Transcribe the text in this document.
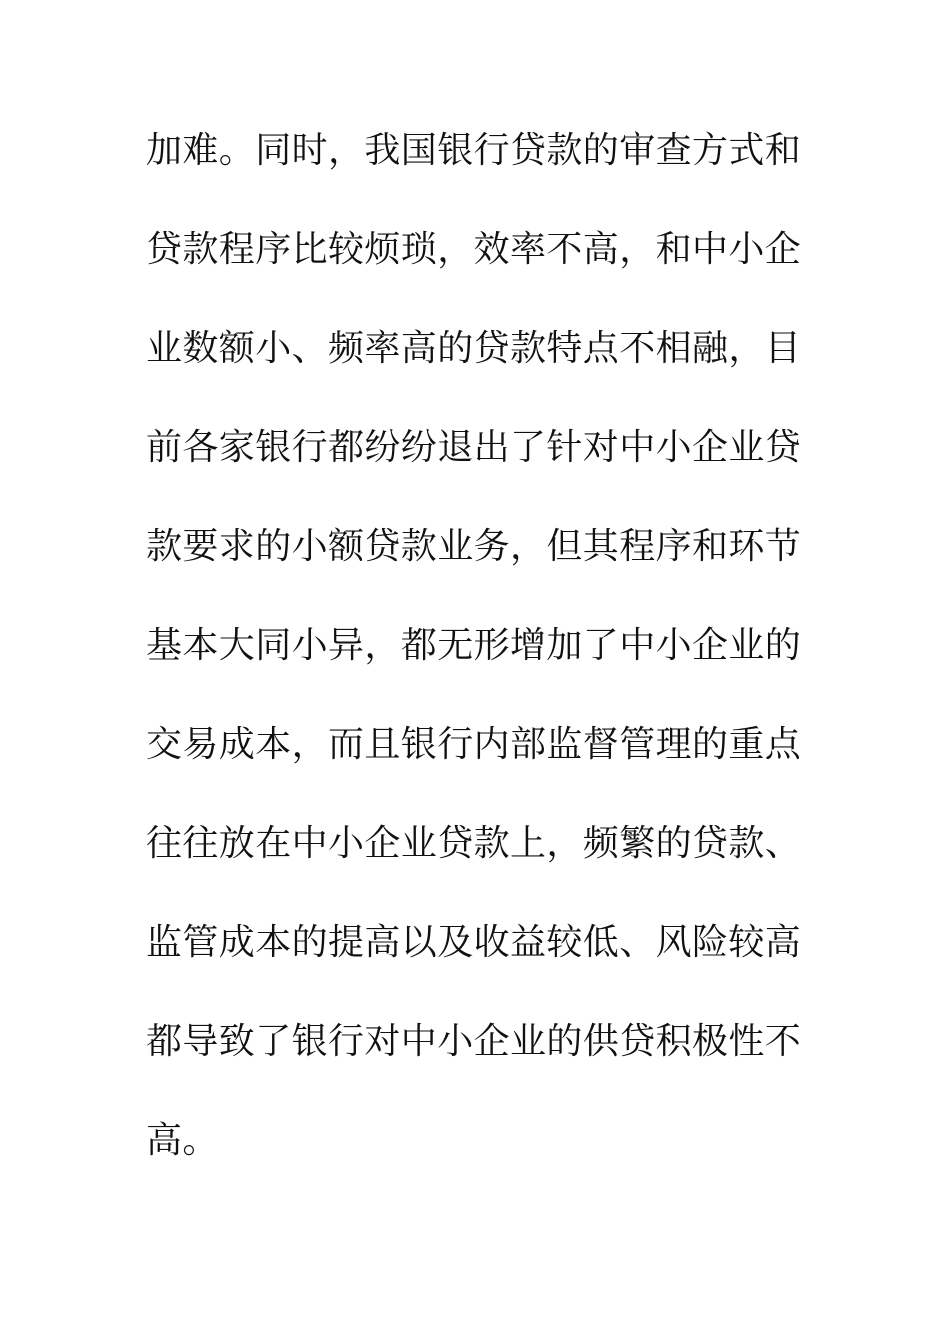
加难。同时，我国银行贷款的审查方式和
贷款程序比较烦琐，效率不高，和中小企
业数额小、频率高的贷款特点不相融，目
前各家银行都纷纷退出了针对中小企业贷
款要求的小额贷款业务，但其程序和环节
基本大同小异，都无形增加了中小企业的
交易成本，而且银行内部监督管理的重点
往往放在中小企业贷款上，频繁的贷款、
监管成本的提高以及收益较低、风险较高
都导致了银行对中小企业的供贷积极性不
高。
